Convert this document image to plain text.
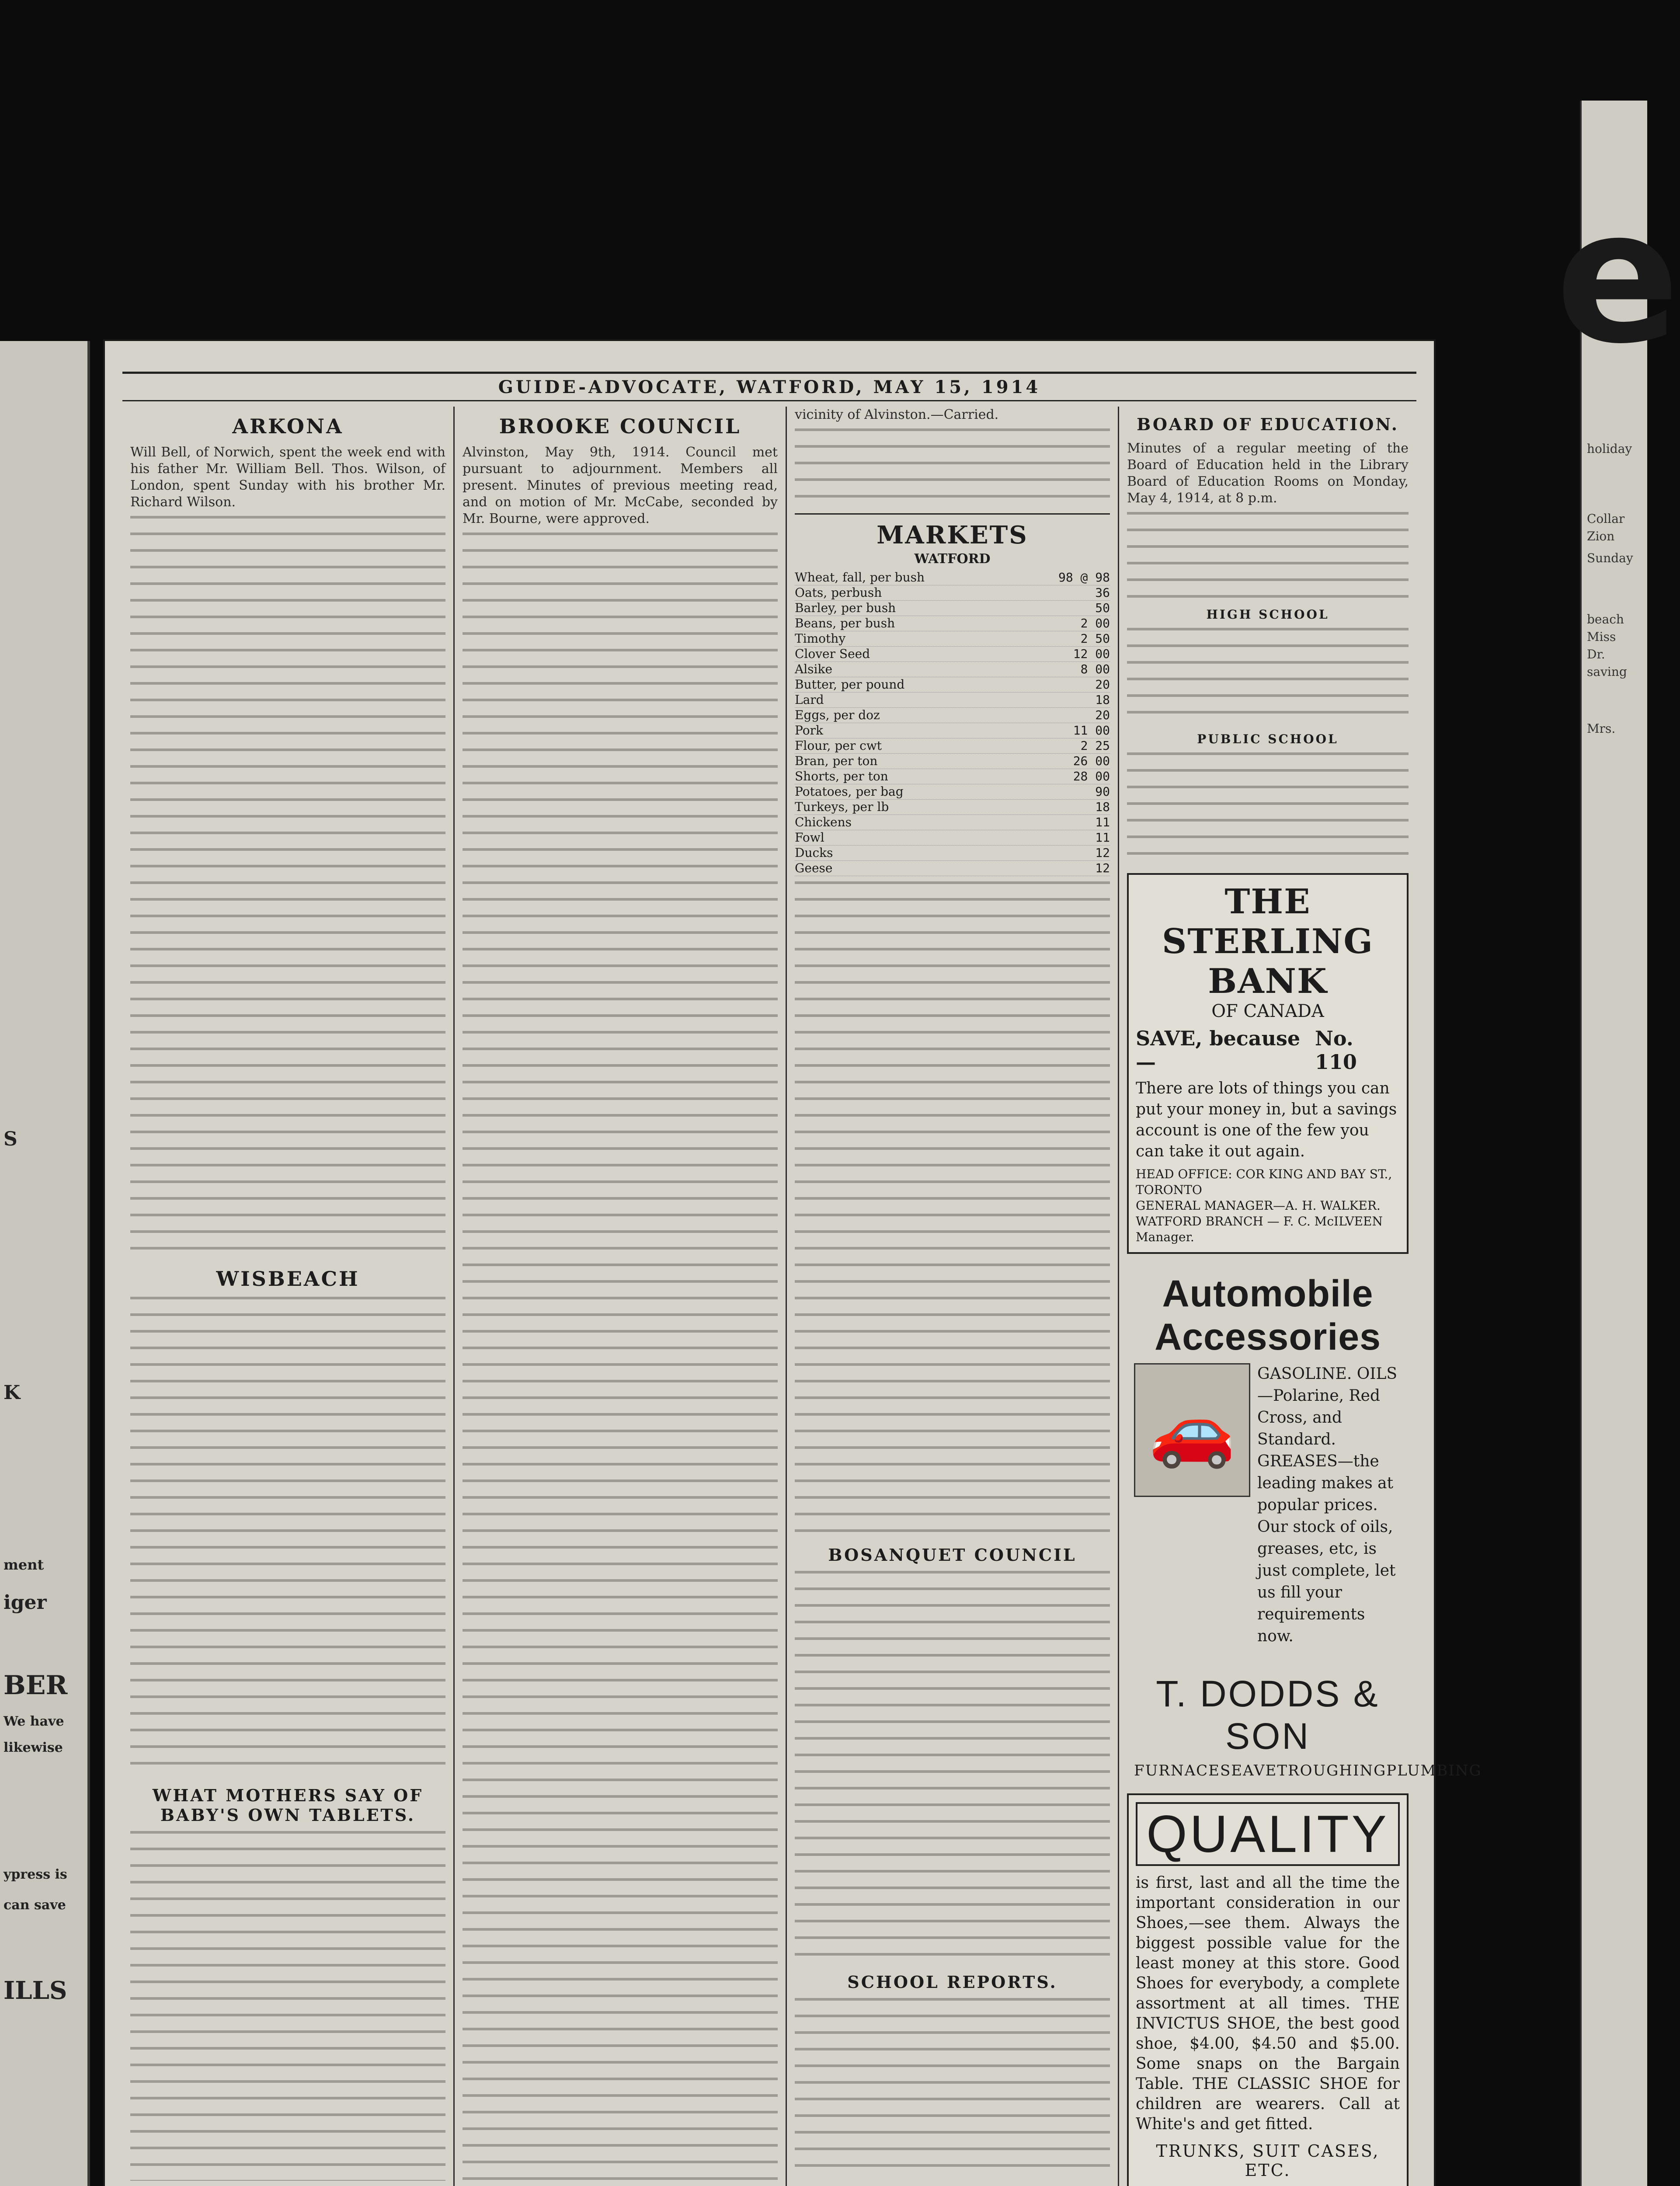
S
K
ment
iger
BER
We have
likewise
ypress is
can save
ILLS
e
holiday
Collar
Zion
Sunday
beach
Miss
Dr.
saving
Mrs.
GUIDE-ADVOCATE, WATFORD, MAY 15, 1914
ARKONA
Will Bell, of Norwich, spent the week end with his father Mr. William Bell. Thos. Wilson, of London, spent Sunday with his brother Mr. Richard Wilson.
WISBEACH
WHAT MOTHERS SAY OF BABY'S OWN TABLETS.
BROOKE COUNCIL
Alvinston, May 9th, 1914. Council met pursuant to adjournment. Members all present. Minutes of previous meeting read, and on motion of Mr. McCabe, seconded by Mr. Bourne, were approved.
vicinity of Alvinston.—Carried.
MARKETS
WATFORD
Wheat, fall, per bush	98 @ 98
Oats, perbush	36
Barley, per bush	50
Beans, per bush	2 00
Timothy	2 50
Clover Seed	12 00
Alsike	8 00
Butter, per pound	20
Lard	18
Eggs, per doz	20
Pork	11 00
Flour, per cwt	2 25
Bran, per ton	26 00
Shorts, per ton	28 00
Potatoes, per bag	90
Turkeys, per lb	18
Chickens	11
Fowl	11
Ducks	12
Geese	12
BOSANQUET COUNCIL
SCHOOL REPORTS.
BOARD OF EDUCATION.
Minutes of a regular meeting of the Board of Education held in the Library Board of Education Rooms on Monday, May 4, 1914, at 8 p.m.
HIGH SCHOOL
PUBLIC SCHOOL
THE STERLING BANK
OF CANADA
SAVE, because—
No. 110
There are lots of things you can put your money in, but a savings account is one of the few you can take it out again.
HEAD OFFICE: COR KING AND BAY ST., TORONTO
GENERAL MANAGER—A. H. WALKER.
WATFORD BRANCH — F. C. McILVEEN Manager.
Automobile Accessories
🚗
GASOLINE. OILS—Polarine, Red Cross, and Standard. GREASES—the leading makes at popular prices. Our stock of oils, greases, etc, is just complete, let us fill your requirements now.
T. DODDS & SON
FURNACES EAVETROUGHING PLUMBING
QUALITY
is first, last and all the time the important consideration in our Shoes,—see them. Always the biggest possible value for the least money at this store. Good Shoes for everybody, a complete assortment at all times. THE INVICTUS SHOE, the best good shoe, $4.00, $4.50 and $5.00. Some snaps on the Bargain Table. THE CLASSIC SHOE for children are wearers. Call at White's and get fitted.
TRUNKS, SUIT CASES, ETC.
